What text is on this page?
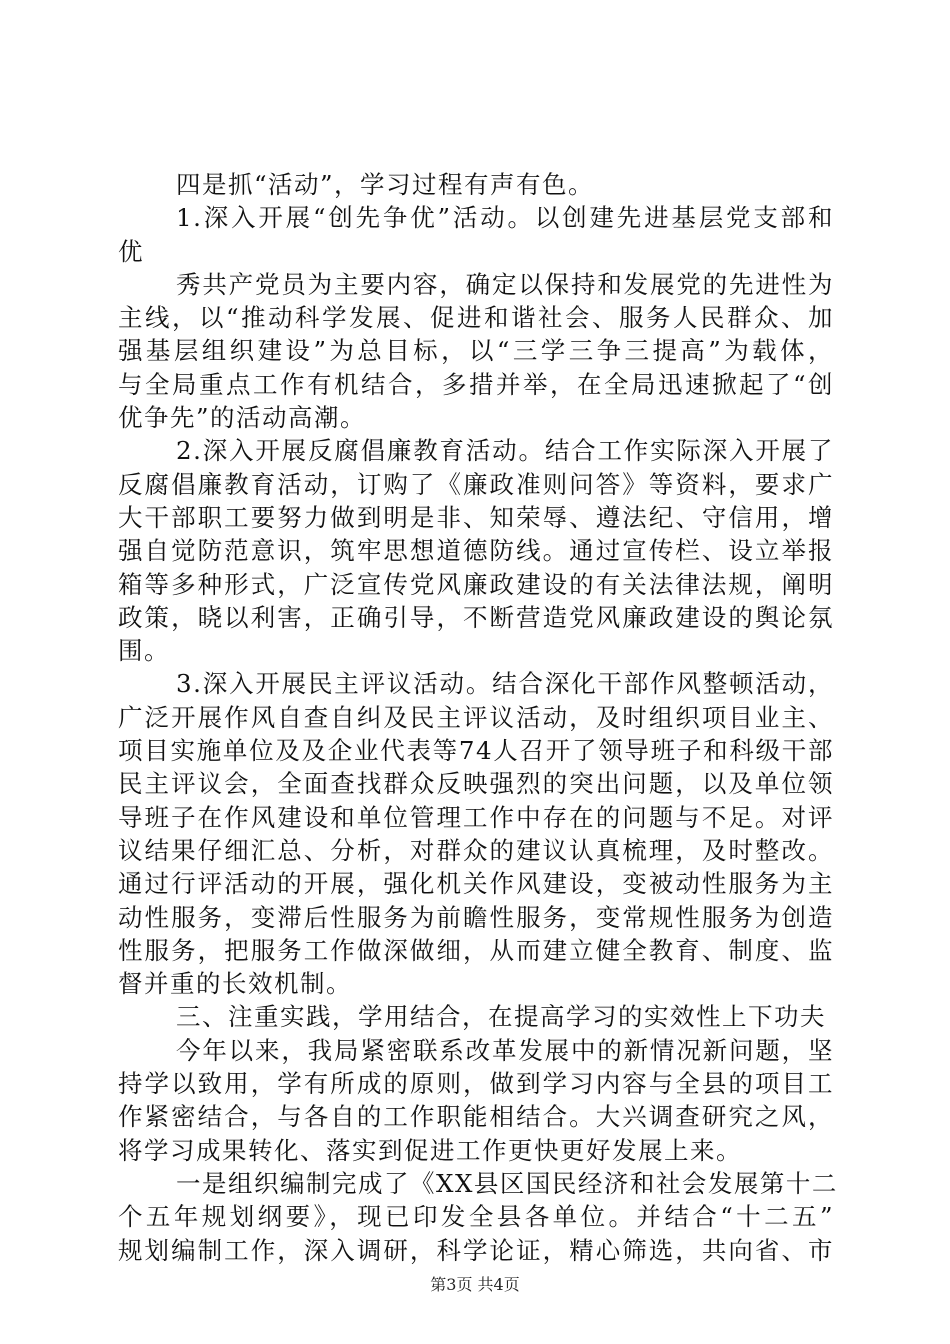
四是抓“活动”，学习过程有声有色。
1.深入开展“创先争优”活动。以创建先进基层党支部和
优
秀共产党员为主要内容，确定以保持和发展党的先进性为
主线，以“推动科学发展、促进和谐社会、服务人民群众、加
强基层组织建设”为总目标，以“三学三争三提高”为载体，
与全局重点工作有机结合，多措并举，在全局迅速掀起了“创
优争先”的活动高潮。
2.深入开展反腐倡廉教育活动。结合工作实际深入开展了
反腐倡廉教育活动，订购了《廉政准则问答》等资料，要求广
大干部职工要努力做到明是非、知荣辱、遵法纪、守信用，增
强自觉防范意识，筑牢思想道德防线。通过宣传栏、设立举报
箱等多种形式，广泛宣传党风廉政建设的有关法律法规，阐明
政策，晓以利害，正确引导，不断营造党风廉政建设的舆论氛
围。
3.深入开展民主评议活动。结合深化干部作风整顿活动，
广泛开展作风自查自纠及民主评议活动，及时组织项目业主、
项目实施单位及及企业代表等74人召开了领导班子和科级干部
民主评议会，全面查找群众反映强烈的突出问题，以及单位领
导班子在作风建设和单位管理工作中存在的问题与不足。对评
议结果仔细汇总、分析，对群众的建议认真梳理，及时整改。
通过行评活动的开展，强化机关作风建设，变被动性服务为主
动性服务，变滞后性服务为前瞻性服务，变常规性服务为创造
性服务，把服务工作做深做细，从而建立健全教育、制度、监
督并重的长效机制。
三、注重实践，学用结合，在提高学习的实效性上下功夫
今年以来，我局紧密联系改革发展中的新情况新问题，坚
持学以致用，学有所成的原则，做到学习内容与全县的项目工
作紧密结合，与各自的工作职能相结合。大兴调查研究之风，
将学习成果转化、落实到促进工作更快更好发展上来。
一是组织编制完成了《XX县区国民经济和社会发展第十二
个五年规划纲要》，现已印发全县各单位。并结合“十二五”
规划编制工作，深入调研，科学论证，精心筛选，共向省、市
第3页 共4页
